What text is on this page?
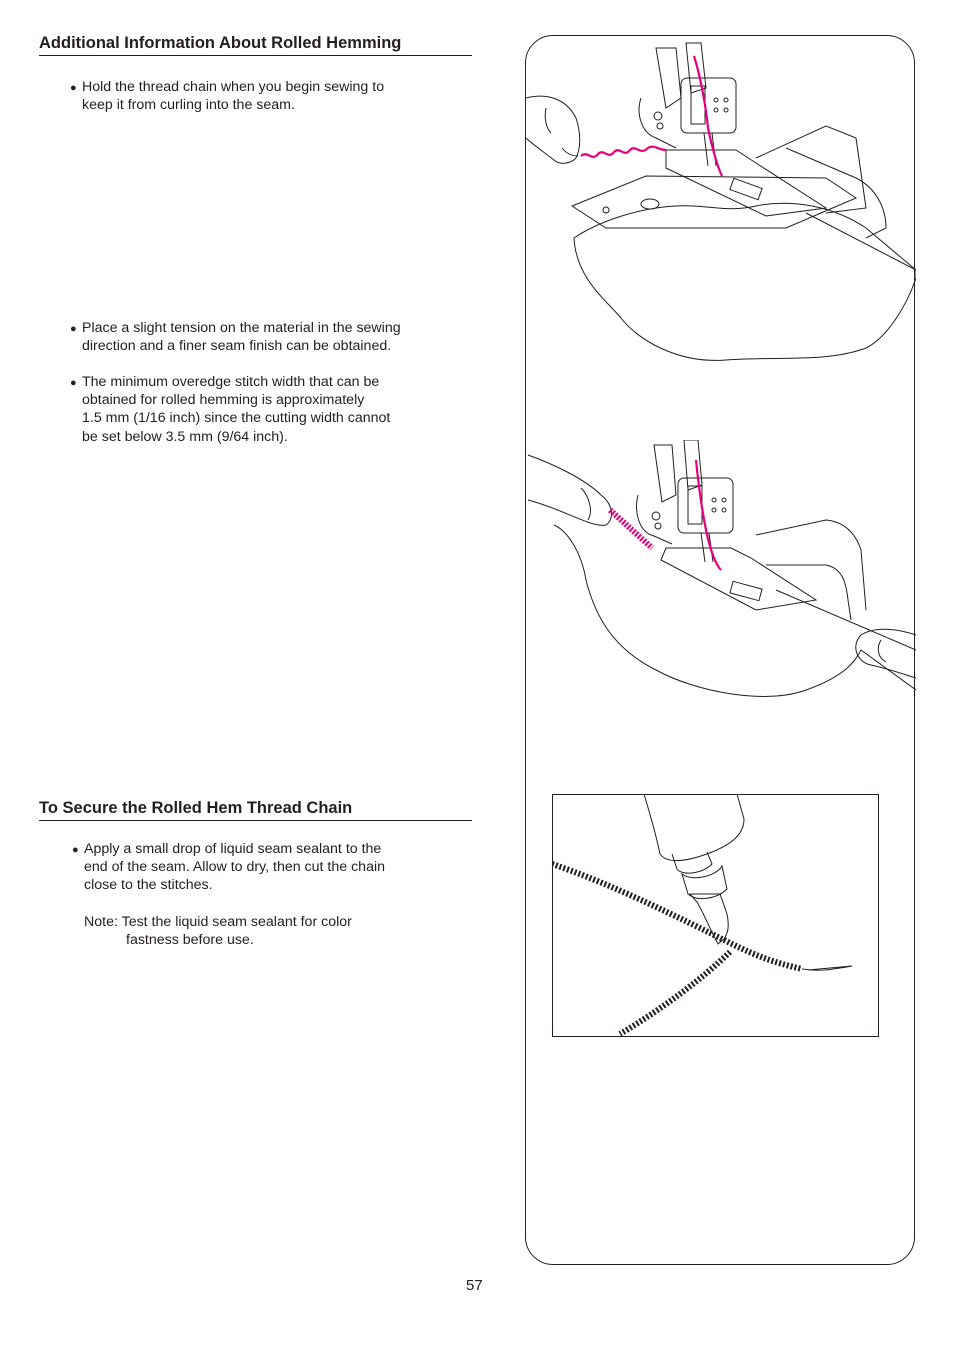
Additional Information About Rolled Hemming
● Hold the thread chain when you begin sewing to
keep it from curling into the seam.
● Place a slight tension on the material in the sewing
direction and a finer seam finish can be obtained.
● The minimum overedge stitch width that can be
obtained for rolled hemming is approximately
1.5 mm (1/16 inch) since the cutting width cannot
be set below 3.5 mm (9/64 inch).
To Secure the Rolled Hem Thread Chain
● Apply a small drop of liquid seam sealant to the
end of the seam. Allow to dry, then cut the chain
close to the stitches.
Note: Test the liquid seam sealant for color
fastness before use.
57
